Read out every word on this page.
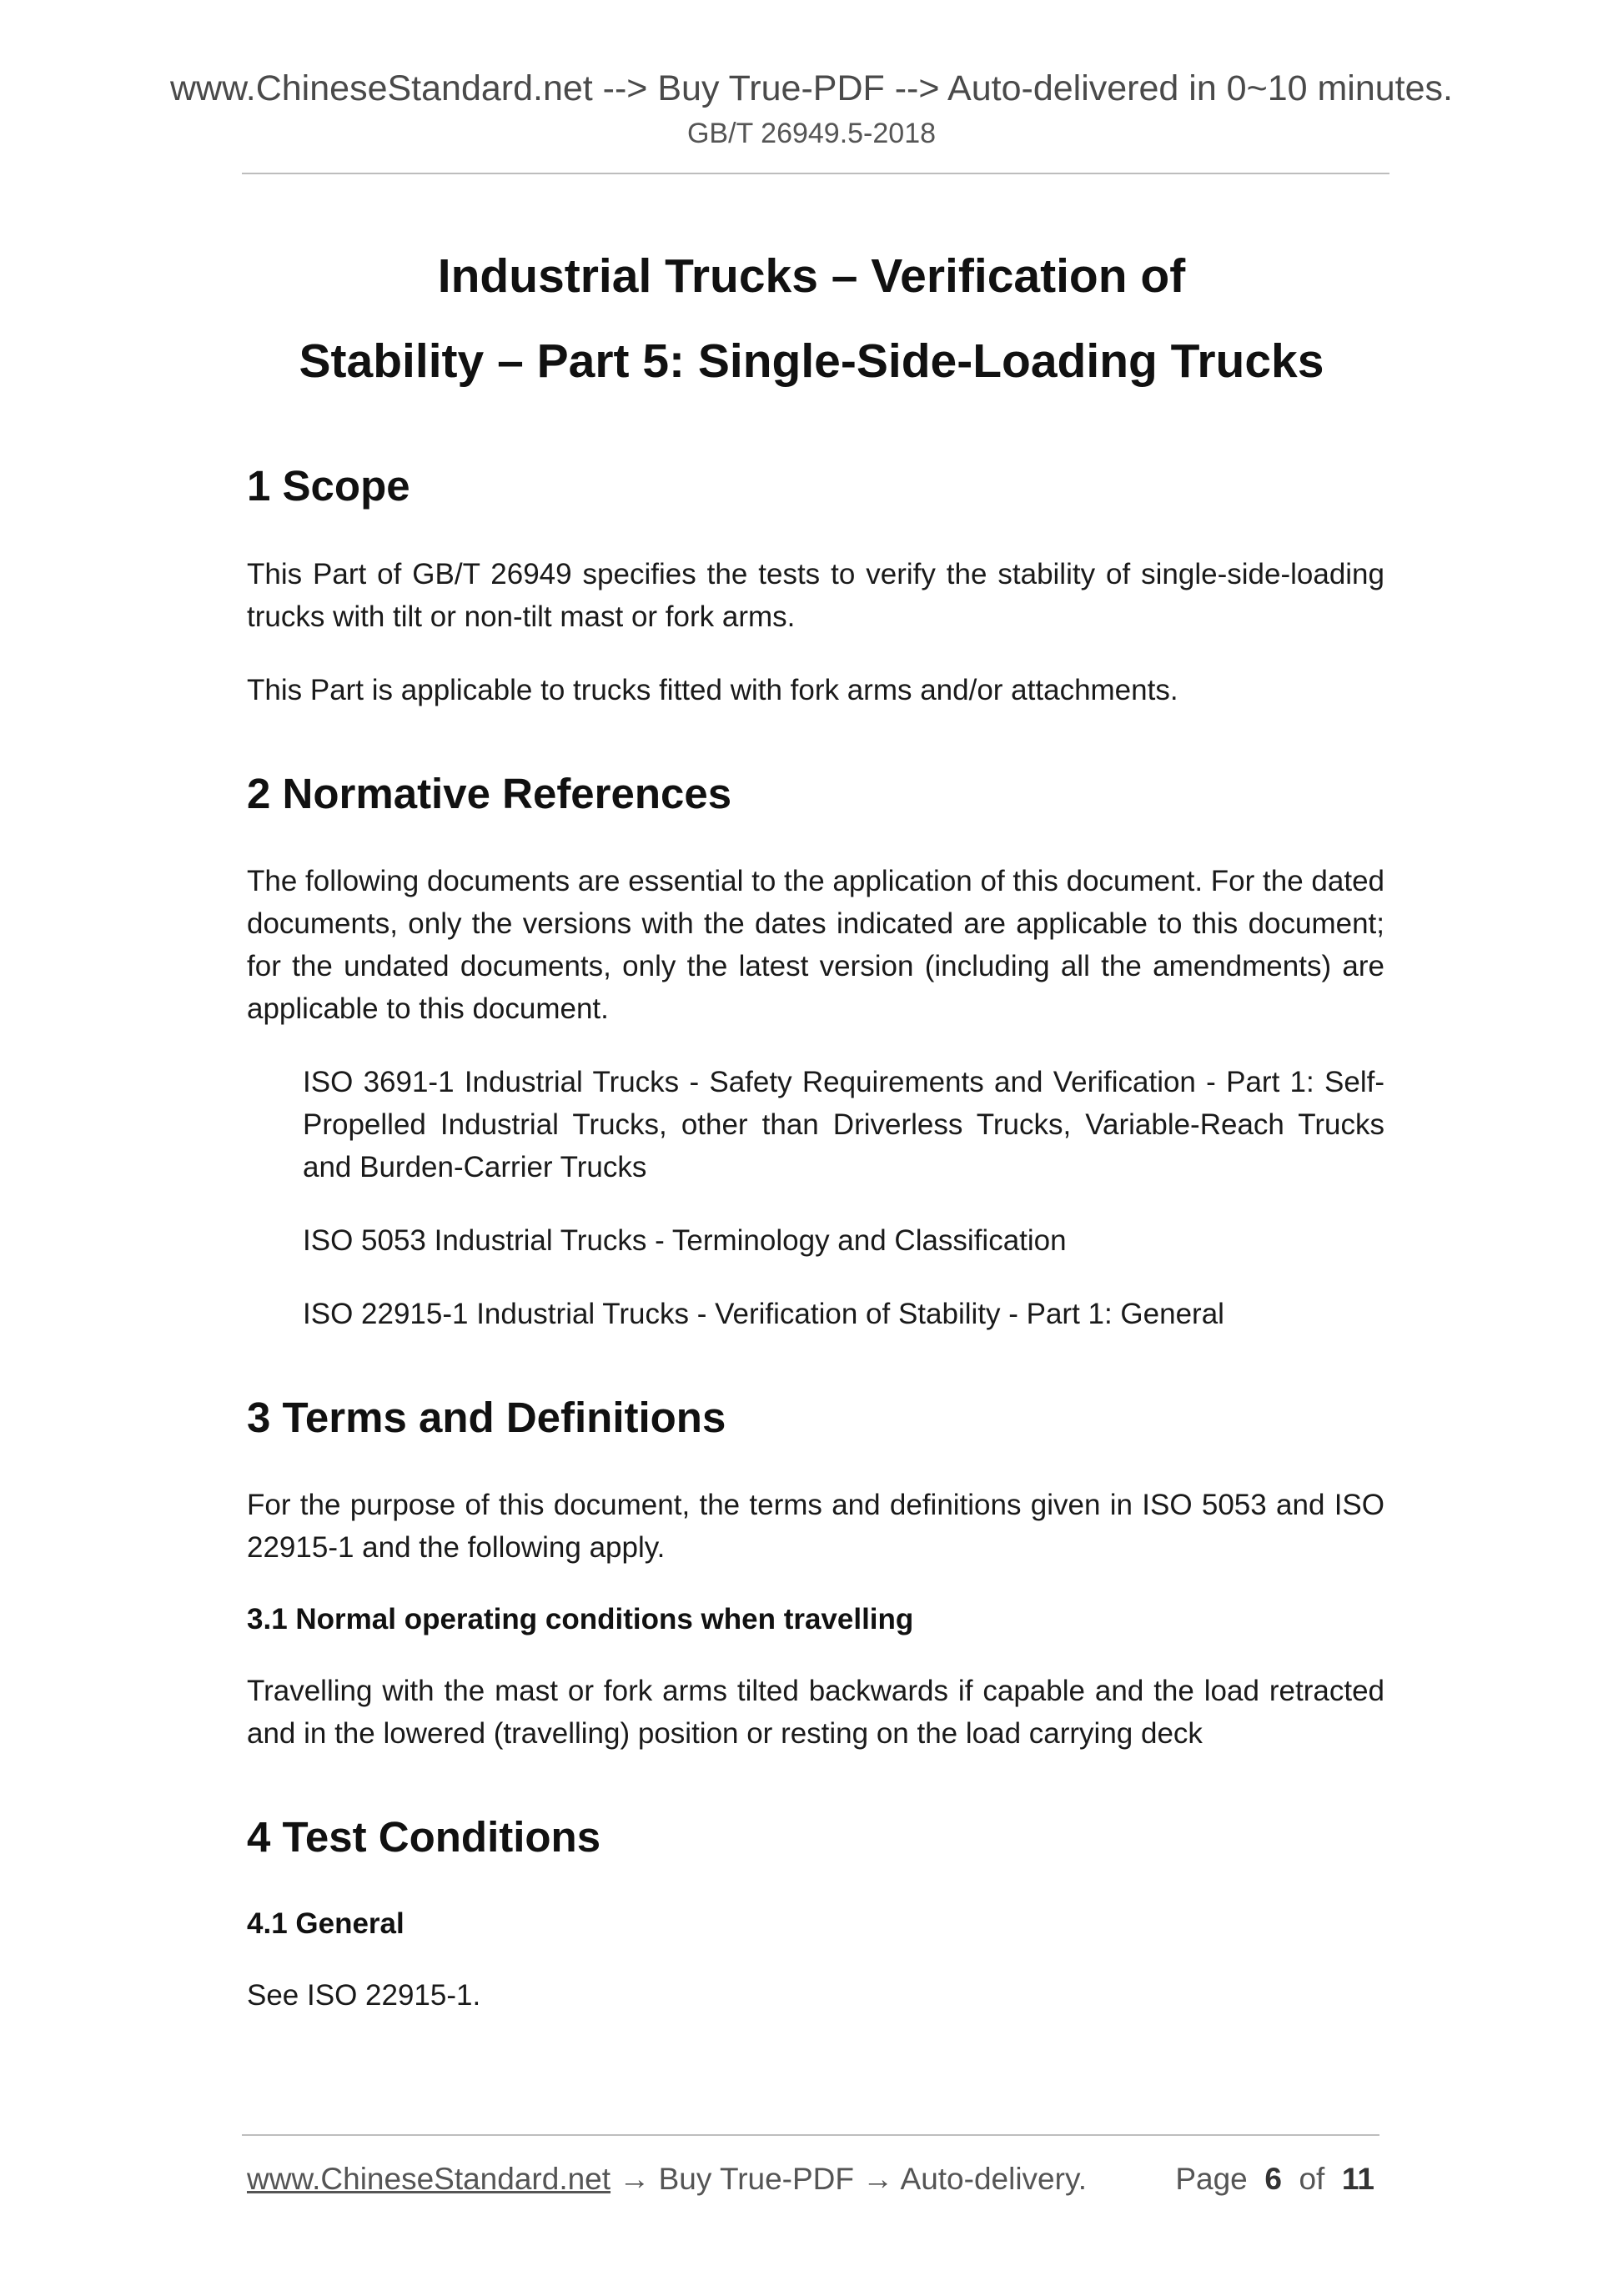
www.ChineseStandard.net --> Buy True-PDF --> Auto-delivered in 0~10 minutes.
GB/T 26949.5-2018
Industrial Trucks – Verification of
Stability – Part 5: Single-Side-Loading Trucks
1 Scope

This Part of GB/T 26949 specifies the tests to verify the stability of single-side-loading trucks with tilt or non-tilt mast or fork arms.

This Part is applicable to trucks fitted with fork arms and/or attachments.

2 Normative References

The following documents are essential to the application of this document. For the dated documents, only the versions with the dates indicated are applicable to this document; for the undated documents, only the latest version (including all the amendments) are applicable to this document.

ISO 3691-1 Industrial Trucks - Safety Requirements and Verification - Part 1: Self-Propelled Industrial Trucks, other than Driverless Trucks, Variable-Reach Trucks and Burden-Carrier Trucks

ISO 5053 Industrial Trucks - Terminology and Classification

ISO 22915-1 Industrial Trucks - Verification of Stability - Part 1: General

3 Terms and Definitions

For the purpose of this document, the terms and definitions given in ISO 5053 and ISO 22915-1 and the following apply.

3.1 Normal operating conditions when travelling

Travelling with the mast or fork arms tilted backwards if capable and the load retracted and in the lowered (travelling) position or resting on the load carrying deck

4 Test Conditions
4.1 General

See ISO 22915-1.

www.ChineseStandard.net → Buy True-PDF → Auto-delivery.	Page 6 of 11
